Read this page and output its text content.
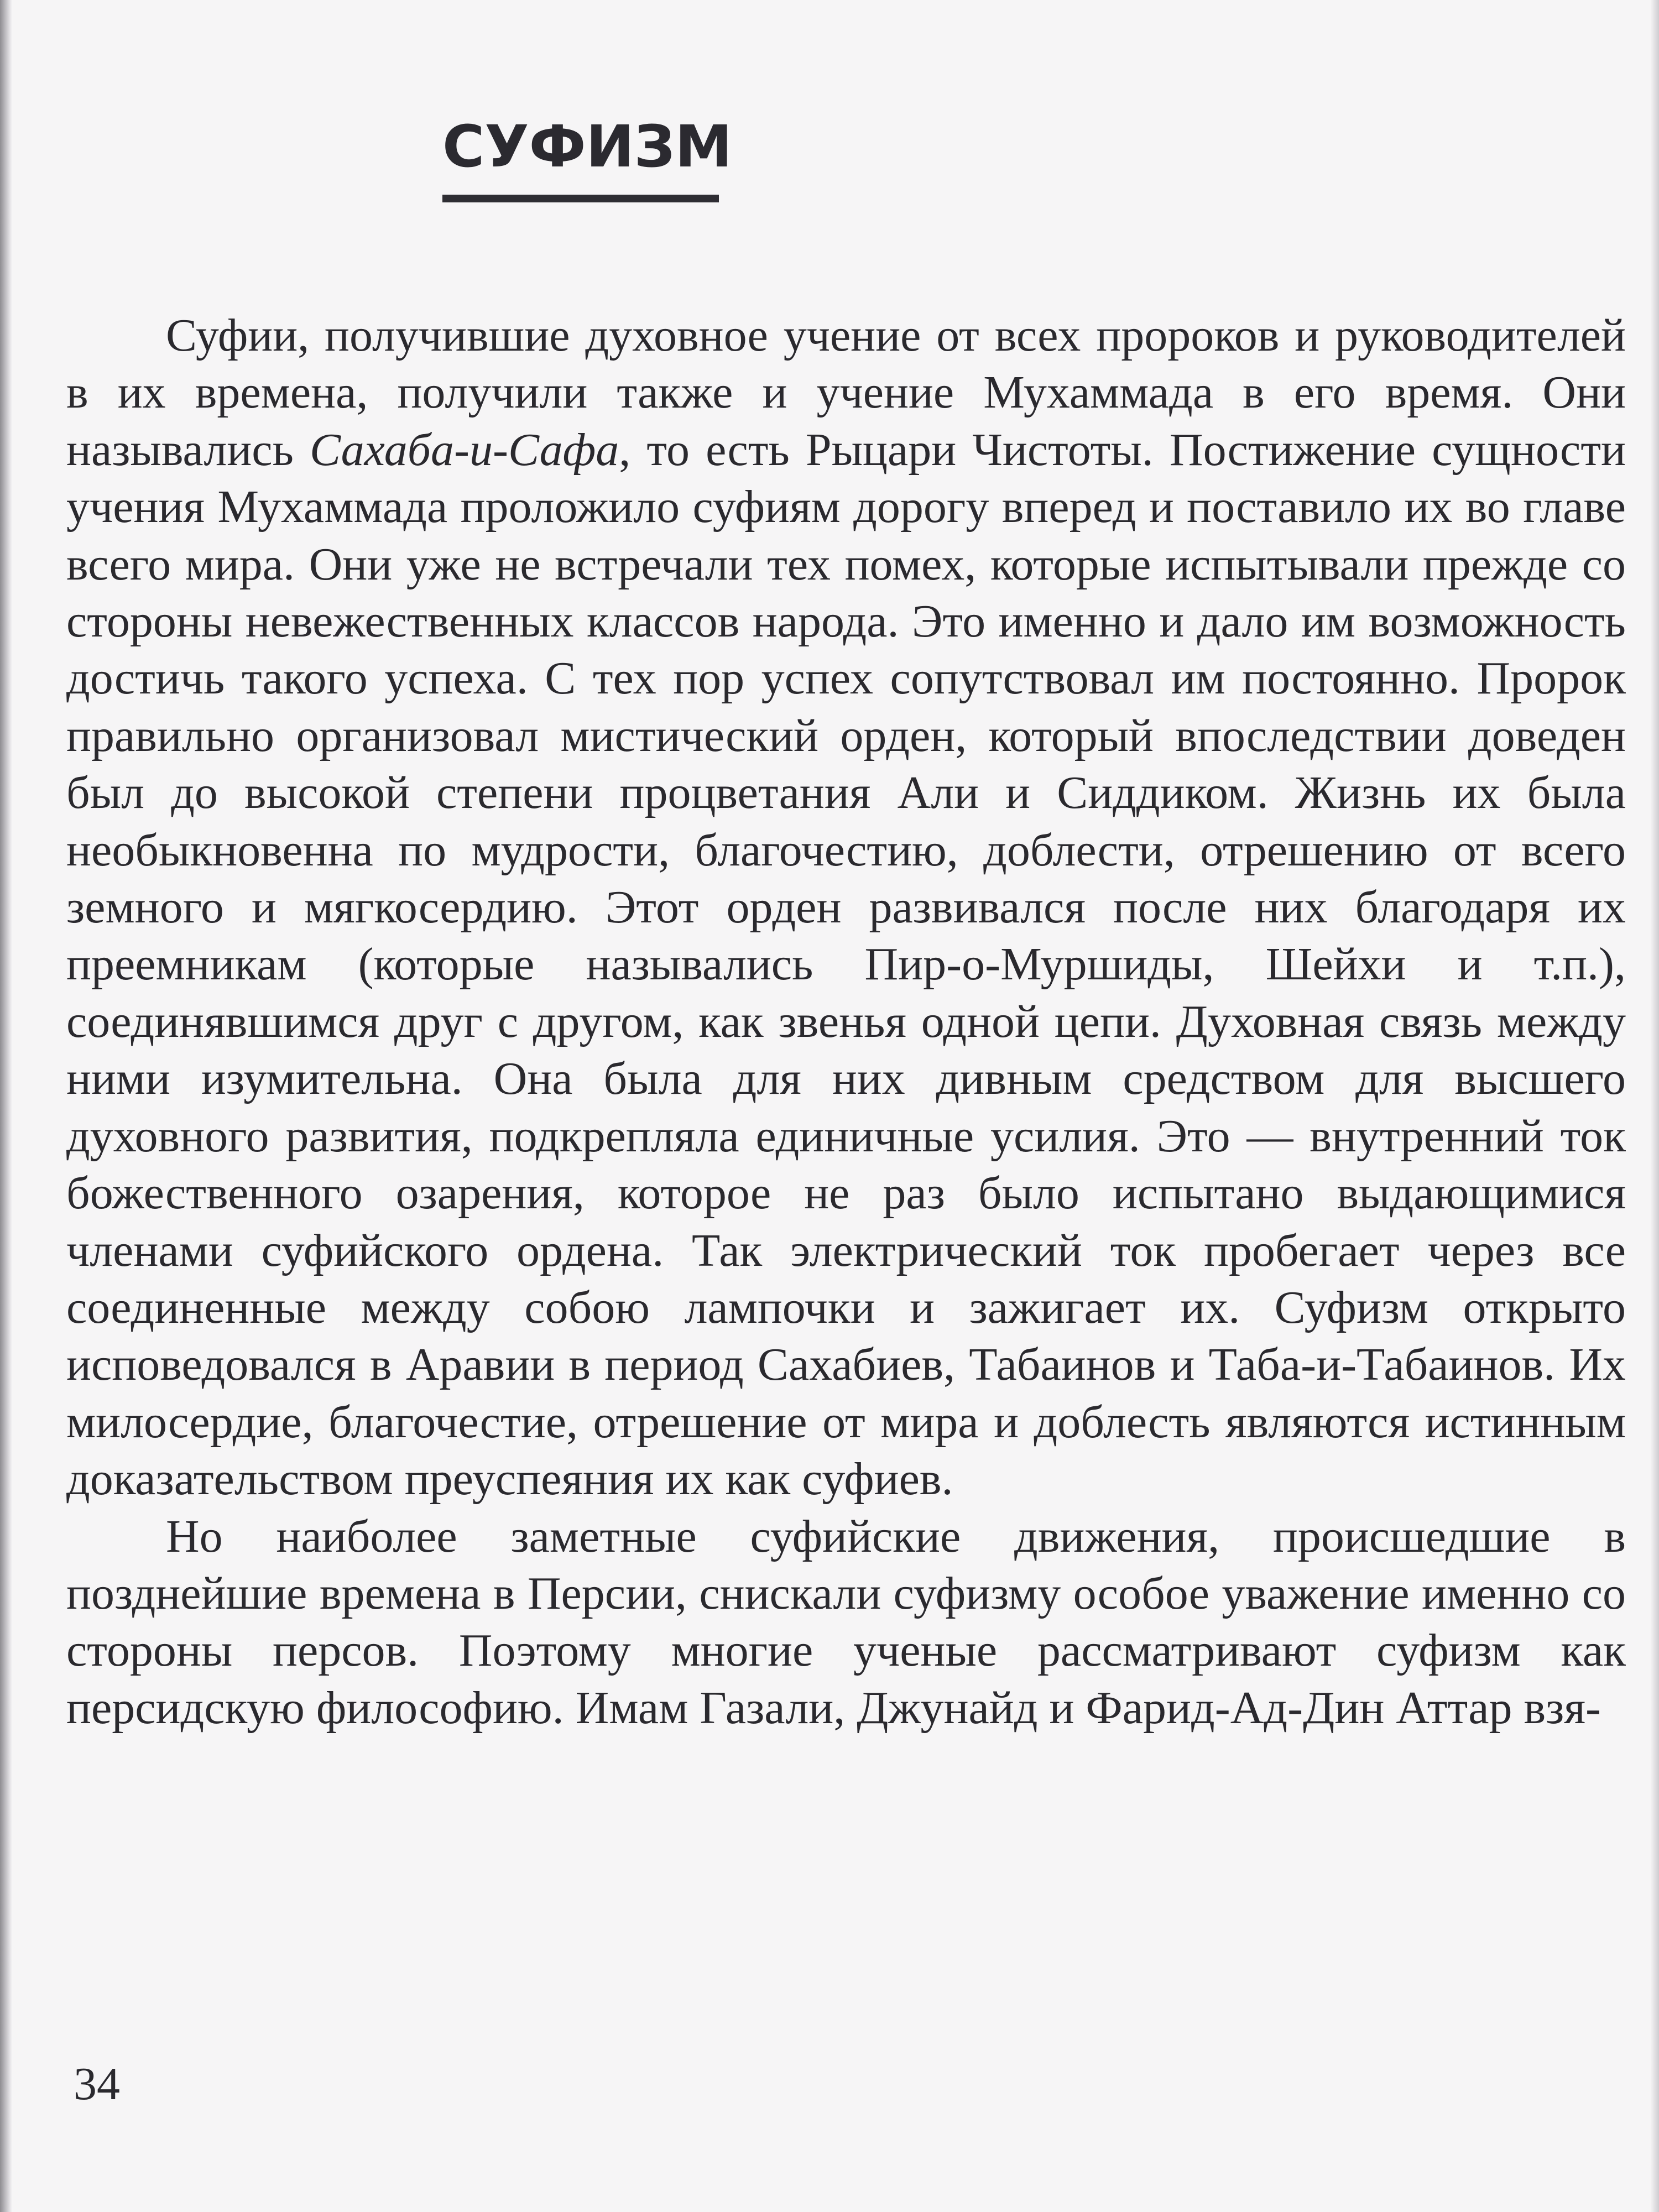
СУФИЗМ

Суфии, получившие духовное учение от всех пророков и руководителей в их времена, получили также и учение Мухаммада в его время. Они назывались Сахаба-и-Сафа, то есть Рыцари Чистоты. Постижение сущности учения Мухаммада проложило суфиям дорогу вперед и поставило их во главе всего мира. Они уже не встречали тех помех, которые испытывали прежде со стороны невежественных классов народа. Это именно и дало им возможность достичь такого успеха. С тех пор успех сопутствовал им постоянно. Пророк правильно организовал мистический орден, который впоследствии доведен был до высокой степени процветания Али и Сиддиком. Жизнь их была необыкновенна по мудрости, благочестию, доблести, отрешению от всего земного и мягкосердию. Этот орден развивался после них благодаря их преемникам (которые назывались Пир-о-Муршиды, Шейхи и т.п.), соединявшимся друг с другом, как звенья одной цепи. Духовная связь между ними изумительна. Она была для них дивным средством для высшего духовного развития, подкрепляла единичные усилия. Это — внутренний ток божественного озарения, которое не раз было испытано выдающимися членами суфийского ордена. Так электрический ток пробегает через все соединенные между собою лампочки и зажигает их. Суфизм открыто исповедовался в Аравии в период Сахабиев, Табаинов и Таба-и-Табаинов. Их милосердие, благочестие, отрешение от мира и доблесть являются истинным доказательством преуспеяния их как суфиев.

Но наиболее заметные суфийские движения, происшедшие в позднейшие времена в Персии, снискали суфизму особое уважение именно со стороны персов. Поэтому многие ученые рассматривают суфизм как персидскую философию. Имам Газали, Джунайд и Фарид-Ад-Дин Аттар взя-

34
